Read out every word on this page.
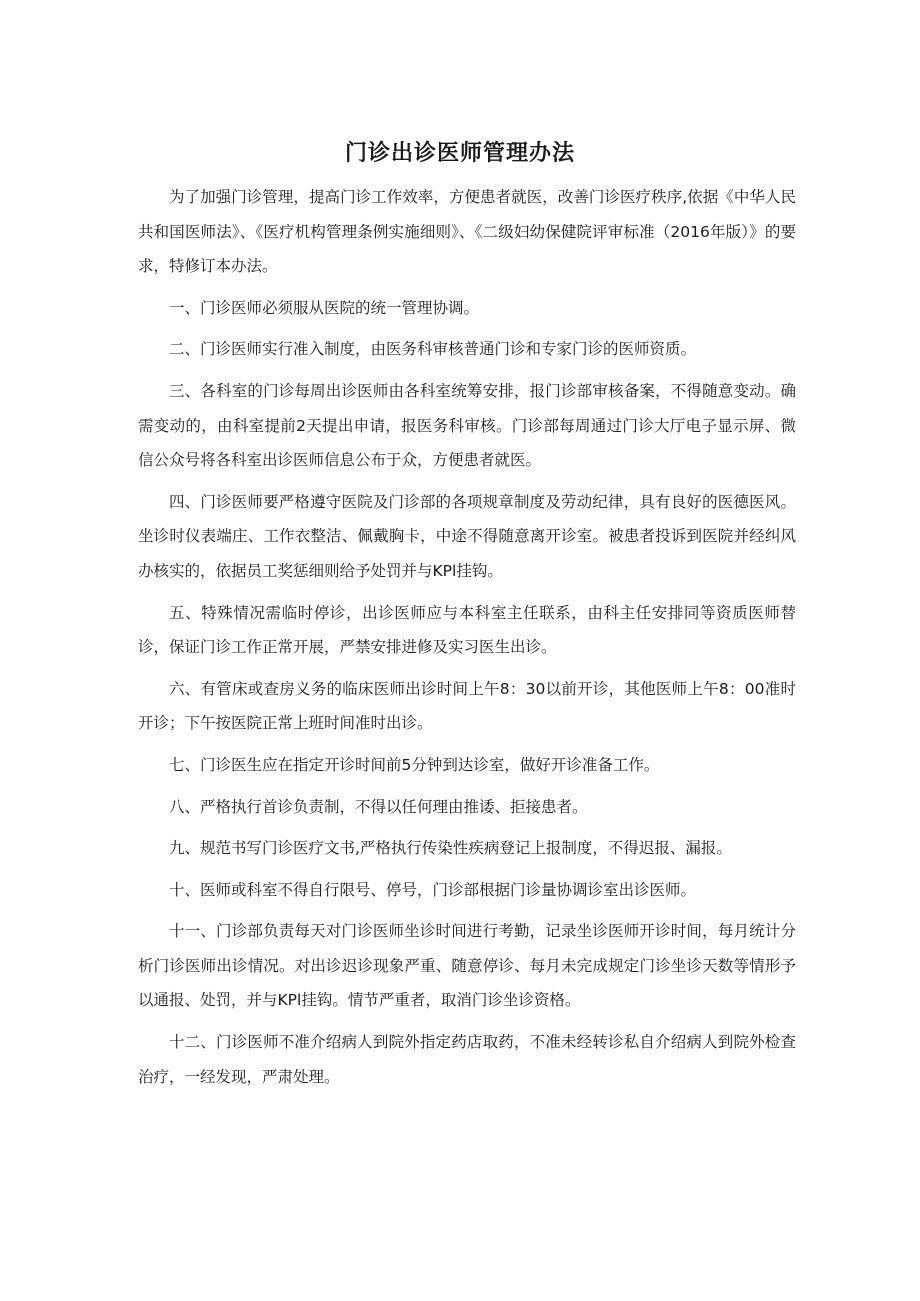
门诊出诊医师管理办法

为了加强门诊管理，提高门诊工作效率，方便患者就医，改善门诊医疗秩序,依据《中华人民共和国医师法》、《医疗机构管理条例实施细则》、《二级妇幼保健院评审标准（2016年版）》的要求，特修订本办法。

一、门诊医师必须服从医院的统一管理协调。

二、门诊医师实行准入制度，由医务科审核普通门诊和专家门诊的医师资质。

三、各科室的门诊每周出诊医师由各科室统筹安排，报门诊部审核备案，不得随意变动。确需变动的，由科室提前2天提出申请，报医务科审核。门诊部每周通过门诊大厅电子显示屏、微信公众号将各科室出诊医师信息公布于众，方便患者就医。

四、门诊医师要严格遵守医院及门诊部的各项规章制度及劳动纪律，具有良好的医德医风。坐诊时仪表端庄、工作衣整洁、佩戴胸卡，中途不得随意离开诊室。被患者投诉到医院并经纠风办核实的，依据员工奖惩细则给予处罚并与KPl挂钩。

五、特殊情况需临时停诊，出诊医师应与本科室主任联系，由科主任安排同等资质医师替诊，保证门诊工作正常开展，严禁安排进修及实习医生出诊。

六、有管床或查房义务的临床医师出诊时间上午8：30以前开诊，其他医师上午8：00准时开诊；下午按医院正常上班时间准时出诊。

七、门诊医生应在指定开诊时间前5分钟到达诊室，做好开诊准备工作。

八、严格执行首诊负责制，不得以任何理由推诿、拒接患者。

九、规范书写门诊医疗文书,严格执行传染性疾病登记上报制度，不得迟报、漏报。

十、医师或科室不得自行限号、停号，门诊部根据门诊量协调诊室出诊医师。

十一、门诊部负责每天对门诊医师坐诊时间进行考勤，记录坐诊医师开诊时间，每月统计分析门诊医师出诊情况。对出诊迟诊现象严重、随意停诊、每月未完成规定门诊坐诊天数等情形予以通报、处罚，并与KPl挂钩。情节严重者，取消门诊坐诊资格。

十二、门诊医师不准介绍病人到院外指定药店取药，不准未经转诊私自介绍病人到院外检查治疗，一经发现，严肃处理。
